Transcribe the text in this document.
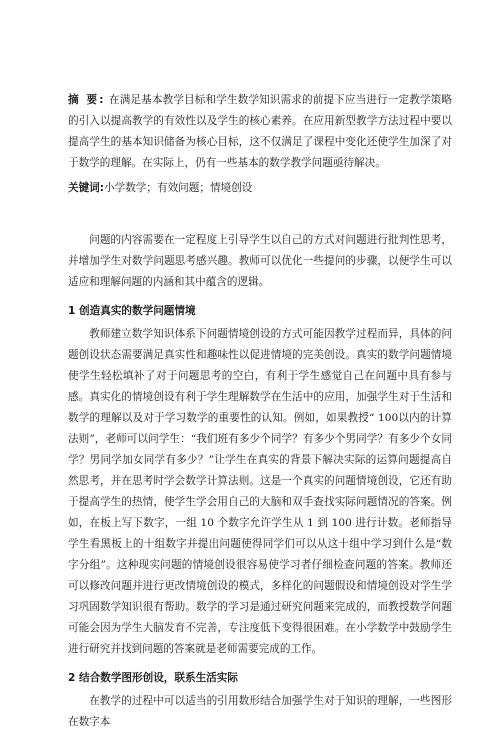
摘 要: 在满足基本教学目标和学生数学知识需求的前提下应当进行一定教学策略的引入以提高教学的有效性以及学生的核心素养。在应用新型教学方法过程中要以提高学生的基本知识储备为核心目标，这不仅满足了课程中变化还使学生加深了对于数学的理解。在实际上，仍有一些基本的数学教学问题亟待解决。

关键词:小学数学；有效问题；情境创设

问题的内容需要在一定程度上引导学生以自己的方式对问题进行批判性思考，并增加学生对数学问题思考感兴趣。教师可以优化一些提问的步骤，以便学生可以适应和理解问题的内涵和其中蕴含的逻辑。

1 创造真实的数学问题情境

教师建立数学知识体系下问题情境创设的方式可能因教学过程而异，具体的问题创设状态需要满足真实性和趣味性以促进情境的完美创设。真实的数学问题情境使学生轻松填补了对于问题思考的空白，有利于学生感觉自己在问题中具有参与感。真实化的情境创设有利于学生理解数学在生活中的应用，加强学生对于生活和数学的理解以及对于学习数学的重要性的认知。例如，如果教授“ 100以内的计算法则”，老师可以问学生：“我们班有多少个同学？有多少个男同学？有多少个女同学？男同学加女同学有多少？”让学生在真实的背景下解决实际的运算问题提高自然思考，并在思考时学会数学计算法则。这是一个真实的问题情境创设，它还有助于提高学生的热情，使学生学会用自己的大脑和双手查找实际问题情况的答案。例如，在板上写下数字，一组 10 个数字允许学生从 1 到 100 进行计数。老师指导学生看黑板上的十组数字并提出问题使得同学们可以从这十组中学习到什么是“数字分组”。这种现实问题的情境创设很容易使学习者仔细检查问题的答案。教师还可以修改问题并进行更改情境创设的模式，多样化的问题假设和情境创设对学生学习巩固数学知识很有帮助。数学的学习是通过研究问题来完成的，而教授数学问题可能会因为学生大脑发育不完善，专注度低下变得很困难。在小学数学中鼓励学生进行研究并找到问题的答案就是老师需要完成的工作。

2 结合数学图形创设，联系生活实际

在教学的过程中可以适当的引用数形结合加强学生对于知识的理解，一些图形在数字本
